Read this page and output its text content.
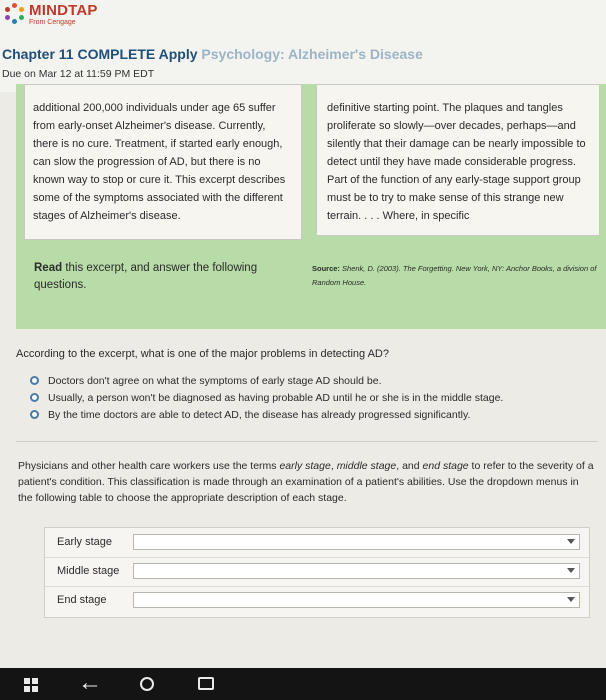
MINDTAP
From Cengage
Chapter 11 COMPLETE Apply Psychology: Alzheimer's Disease
Due on Mar 12 at 11:59 PM EDT

additional 200,000 individuals under age 65 suffer from early-onset Alzheimer's disease. Currently, there is no cure. Treatment, if started early enough, can slow the progression of AD, but there is no known way to stop or cure it. This excerpt describes some of the symptoms associated with the different stages of Alzheimer's disease.

definitive starting point. The plaques and tangles proliferate so slowly—over decades, perhaps—and silently that their damage can be nearly impossible to detect until they have made considerable progress. Part of the function of any early-stage support group must be to try to make sense of this strange new terrain. . . . Where, in specific

Read this excerpt, and answer the following questions.
Source: Shenk, D. (2003). The Forgetting. New York, NY: Anchor Books, a division of Random House.
According to the excerpt, what is one of the major problems in detecting AD?
Doctors don't agree on what the symptoms of early stage AD should be.
Usually, a person won't be diagnosed as having probable AD until he or she is in the middle stage.
By the time doctors are able to detect AD, the disease has already progressed significantly.
Physicians and other health care workers use the terms early stage, middle stage, and end stage to refer to the severity of a patient's condition. This classification is made through an examination of a patient's abilities. Use the dropdown menus in the following table to choose the appropriate description of each stage.
Early stage
Middle stage
End stage
←
